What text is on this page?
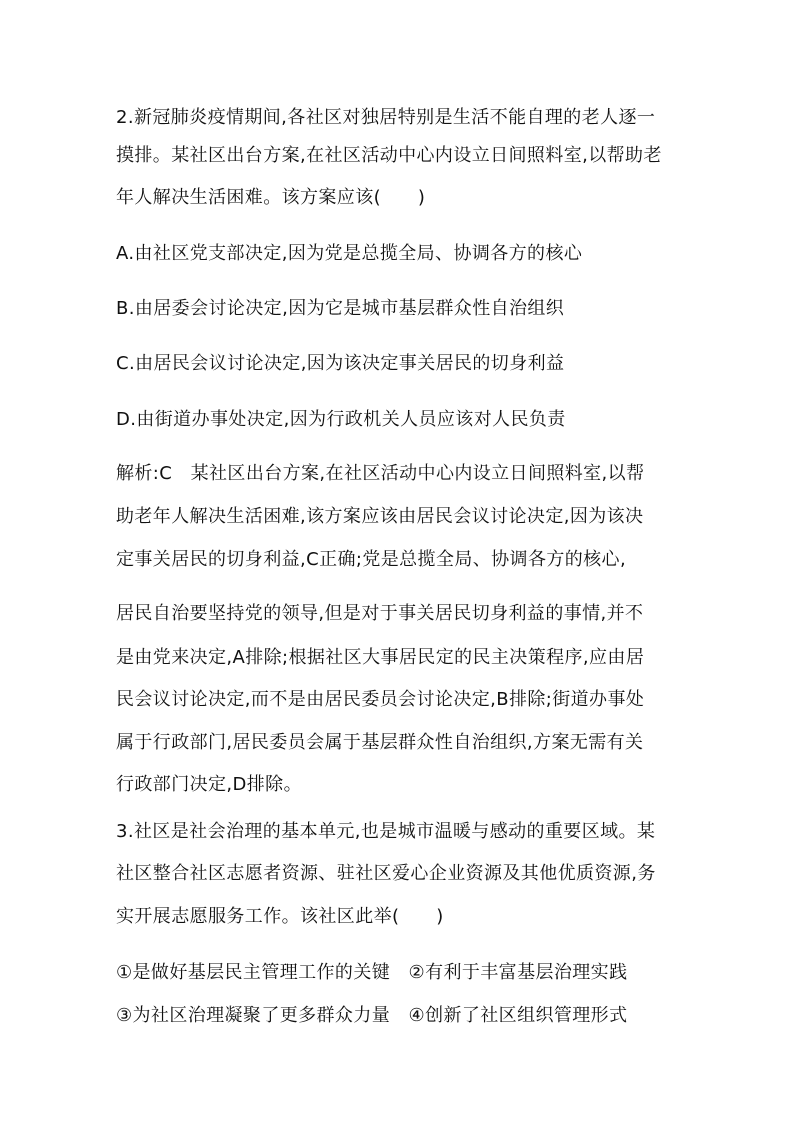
2.新冠肺炎疫情期间,各社区对独居特别是生活不能自理的老人逐一
摸排。某社区出台方案,在社区活动中心内设立日间照料室,以帮助老
年人解决生活困难。该方案应该(　　)
A.由社区党支部决定,因为党是总揽全局、协调各方的核心
B.由居委会讨论决定,因为它是城市基层群众性自治组织
C.由居民会议讨论决定,因为该决定事关居民的切身利益
D.由街道办事处决定,因为行政机关人员应该对人民负责
解析:C　某社区出台方案,在社区活动中心内设立日间照料室,以帮
助老年人解决生活困难,该方案应该由居民会议讨论决定,因为该决
定事关居民的切身利益,C正确;党是总揽全局、协调各方的核心,
居民自治要坚持党的领导,但是对于事关居民切身利益的事情,并不
是由党来决定,A排除;根据社区大事居民定的民主决策程序,应由居
民会议讨论决定,而不是由居民委员会讨论决定,B排除;街道办事处
属于行政部门,居民委员会属于基层群众性自治组织,方案无需有关
行政部门决定,D排除。
3.社区是社会治理的基本单元,也是城市温暖与感动的重要区域。某
社区整合社区志愿者资源、驻社区爱心企业资源及其他优质资源,务
实开展志愿服务工作。该社区此举(　　)
①是做好基层民主管理工作的关键　②有利于丰富基层治理实践
③为社区治理凝聚了更多群众力量　④创新了社区组织管理形式
